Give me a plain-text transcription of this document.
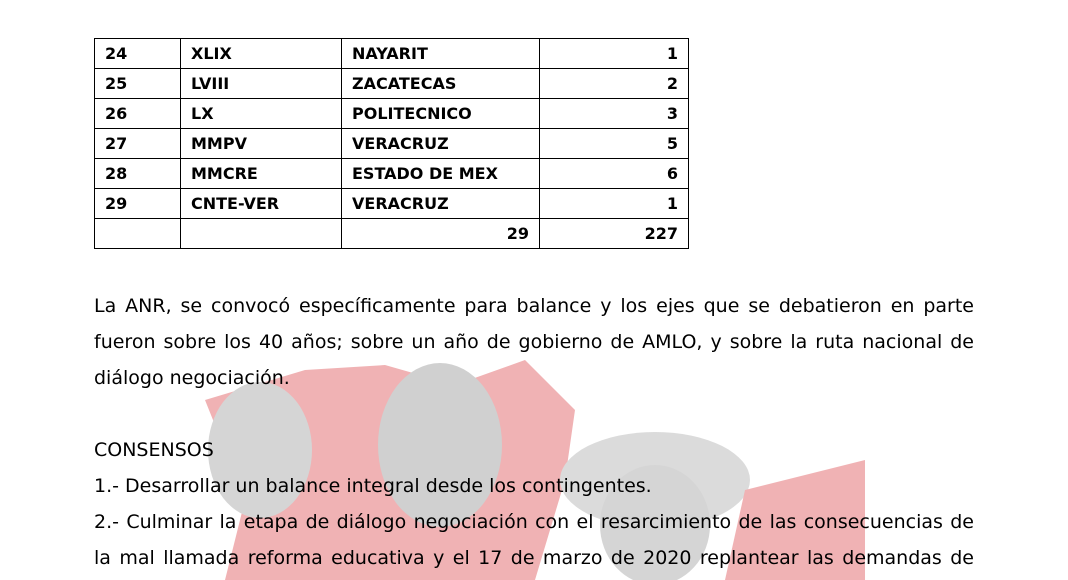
24	XLIX	NAYARIT	1
25	LVIII	ZACATECAS	2
26	LX	POLITECNICO	3
27	MMPV	VERACRUZ	5
28	MMCRE	ESTADO DE MEX	6
29	CNTE-VER	VERACRUZ	1
		29	227
La ANR, se convocó específicamente para balance y los ejes que se debatieron en parte
fueron sobre los 40 años; sobre un año de gobierno de AMLO, y sobre la ruta nacional de
diálogo negociación.
CONSENSOS
1.- Desarrollar un balance integral desde los contingentes.
2.- Culminar la etapa de diálogo negociación con el resarcimiento de las consecuencias de
la mal llamada reforma educativa y el 17 de marzo de 2020 replantear las demandas de
